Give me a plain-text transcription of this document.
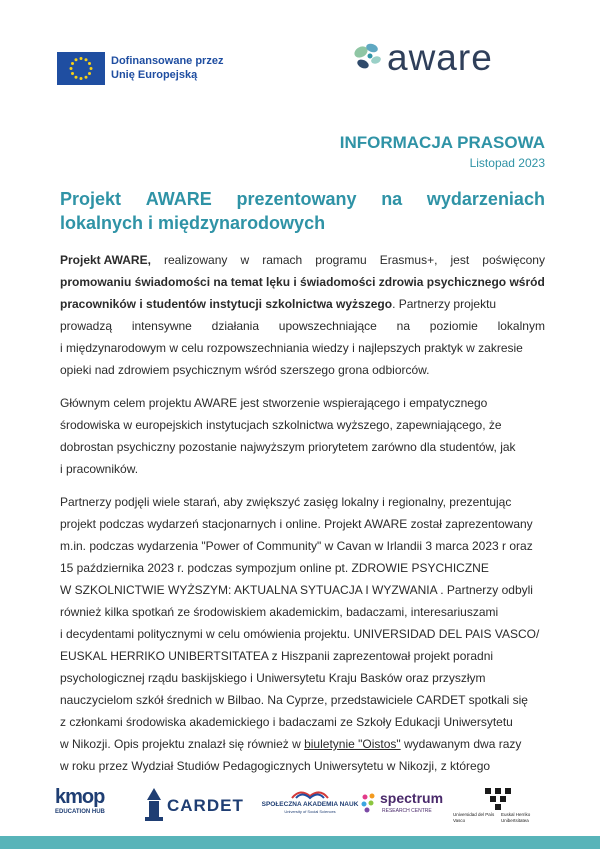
Dofinansowane przez
Unię Europejską	aware
INFORMACJA PRASOWA
Listopad 2023
Projekt AWARE prezentowany na wydarzeniach
lokalnych i międzynarodowych
Projekt AWARE, realizowany w ramach programu Erasmus+, jest poświęcony
promowaniu świadomości na temat lęku i świadomości zdrowia psychicznego wśród
pracowników i studentów instytucji szkolnictwa wyższego. Partnerzy projektu
prowadzą intensywne działania upowszechniające na poziomie lokalnym
i międzynarodowym w celu rozpowszechniania wiedzy i najlepszych praktyk w zakresie
opieki nad zdrowiem psychicznym wśród szerszego grona odbiorców.
Głównym celem projektu AWARE jest stworzenie wspierającego i empatycznego
środowiska w europejskich instytucjach szkolnictwa wyższego, zapewniającego, że
dobrostan psychiczny pozostanie najwyższym priorytetem zarówno dla studentów, jak
i pracowników.
Partnerzy podjęli wiele starań, aby zwiększyć zasięg lokalny i regionalny, prezentując
projekt podczas wydarzeń stacjonarnych i online. Projekt AWARE został zaprezentowany
m.in. podczas wydarzenia "Power of Community" w Cavan w Irlandii 3 marca 2023 r oraz
15 października 2023 r. podczas sympozjum online pt. ZDROWIE PSYCHICZNE
W SZKOLNICTWIE WYŻSZYM: AKTUALNA SYTUACJA I WYZWANIA . Partnerzy odbyli
również kilka spotkań ze środowiskiem akademickim, badaczami, interesariuszami
i decydentami politycznymi w celu omówienia projektu. UNIVERSIDAD DEL PAIS VASCO/
EUSKAL HERRIKO UNIBERTSITATEA z Hiszpanii zaprezentował projekt poradni
psychologicznej rządu baskijskiego i Uniwersytetu Kraju Basków oraz przyszłym
nauczycielom szkół średnich w Bilbao. Na Cyprze, przedstawiciele CARDET spotkali się
z członkami środowiska akademickiego i badaczami ze Szkoły Edukacji Uniwersytetu
w Nikozji. Opis projektu znalazł się również w biuletynie "Oistos" wydawanym dwa razy
w roku przez Wydział Studiów Pedagogicznych Uniwersytetu w Nikozji, z którego
kmop
EDUCATION HUB	CARDET	SPOŁECZNA AKADEMIA NAUK
University of Social Sciences
spectrum
RESEARCH CENTRE
Universidad del País Vasco
Euskal Herriko Unibertsitatea
